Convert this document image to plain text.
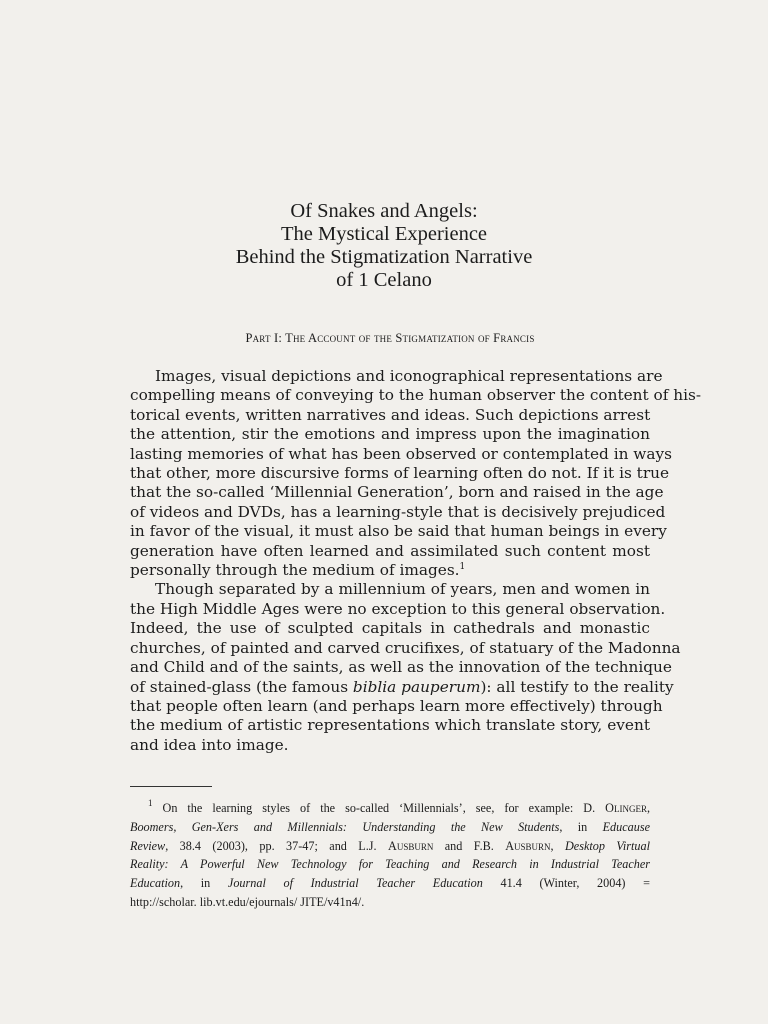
Of Snakes and Angels:
The Mystical Experience
Behind the Stigmatization Narrative
of 1 Celano
Part I: The Account of the Stigmatization of Francis
Images, visual depictions and iconographical representations are
compelling means of conveying to the human observer the content of his-
torical events, written narratives and ideas. Such depictions arrest
the attention, stir the emotions and impress upon the imagination
lasting memories of what has been observed or contemplated in ways
that other, more discursive forms of learning often do not. If it is true
that the so-called ‘Millennial Generation’, born and raised in the age
of videos and DVDs, has a learning-style that is decisively prejudiced
in favor of the visual, it must also be said that human beings in every
generation have often learned and assimilated such content most
personally through the medium of images.$^1$
Though separated by a millennium of years, men and women in
the High Middle Ages were no exception to this general observation.
Indeed, the use of sculpted capitals in cathedrals and monastic
churches, of painted and carved crucifixes, of statuary of the Madonna
and Child and of the saints, as well as the innovation of the technique
of stained-glass (the famous biblia pauperum): all testify to the reality
that people often learn (and perhaps learn more effectively) through
the medium of artistic representations which translate story, event
and idea into image.
$^1$ On the learning styles of the so-called ‘Millennials’, see, for example: D. Olinger,
Boomers, Gen-Xers and Millennials: Understanding the New Students, in Educause
Review, 38.4 (2003), pp. 37-47; and L.J. Ausburn and F.B. Ausburn, Desktop Virtual
Reality: A Powerful New Technology for Teaching and Research in Industrial Teacher
Education, in Journal of Industrial Teacher Education 41.4 (Winter, 2004) =
http://scholar. lib.vt.edu/ejournals/ JITE/v41n4/.
